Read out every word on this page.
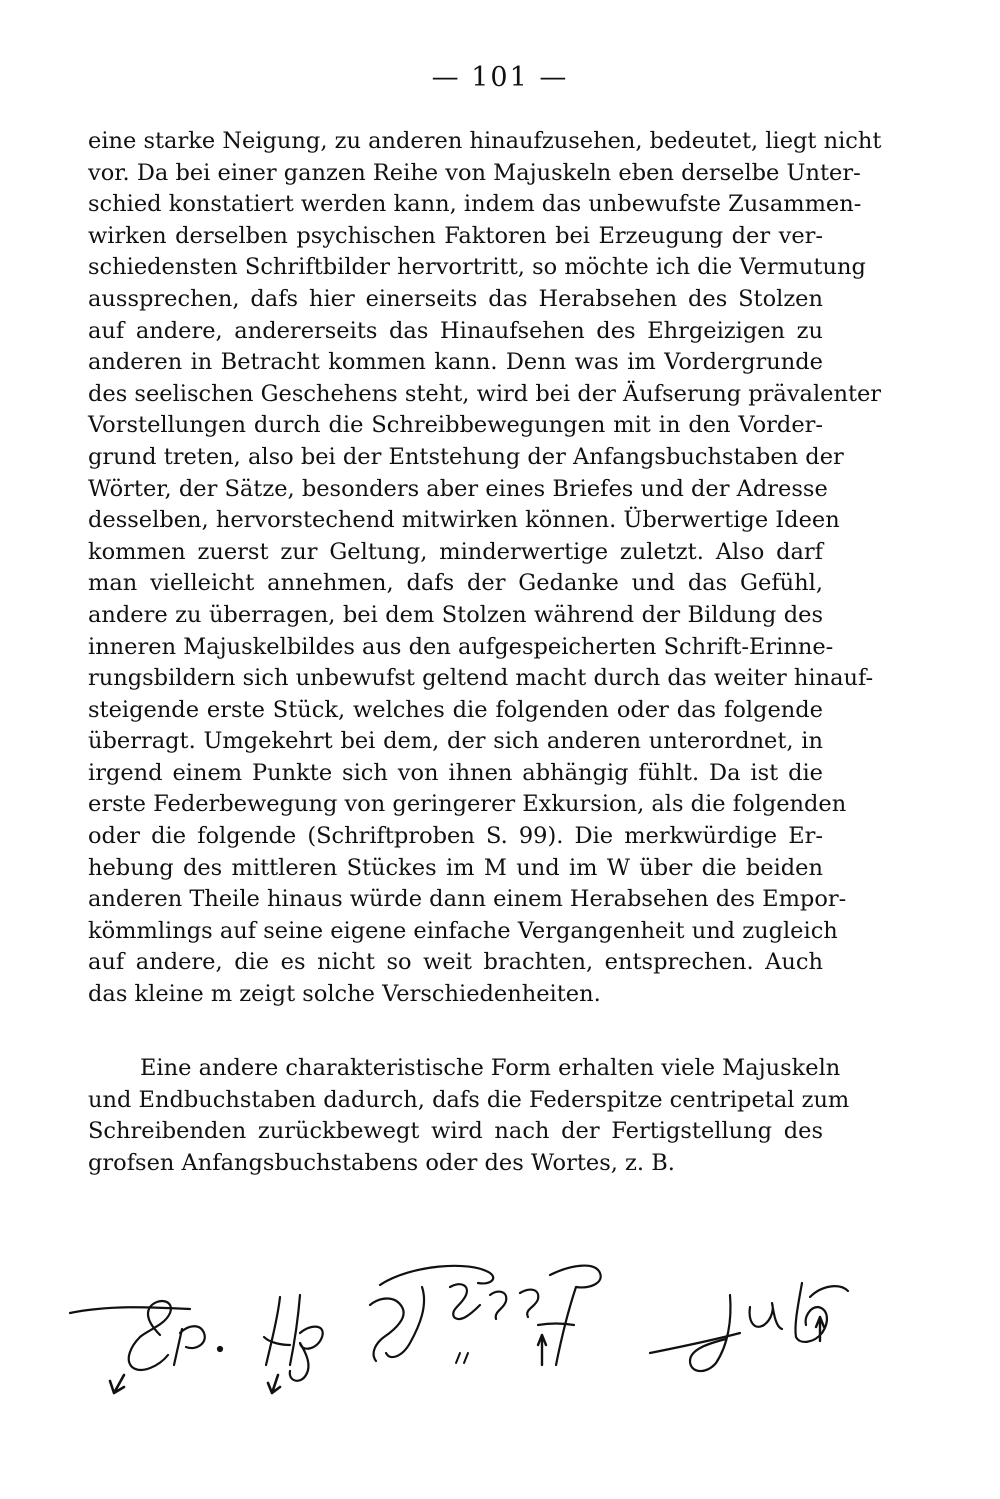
— 101 —
eine starke Neigung, zu anderen hinaufzusehen, bedeutet, liegt nicht
vor. Da bei einer ganzen Reihe von Majuskeln eben derselbe Unter-
schied konstatiert werden kann, indem das unbewufste Zusammen-
wirken derselben psychischen Faktoren bei Erzeugung der ver-
schiedensten Schriftbilder hervortritt, so möchte ich die Vermutung
aussprechen, dafs hier einerseits das Herabsehen des Stolzen
auf andere, andererseits das Hinaufsehen des Ehrgeizigen zu
anderen in Betracht kommen kann. Denn was im Vordergrunde
des seelischen Geschehens steht, wird bei der Äufserung prävalenter
Vorstellungen durch die Schreibbewegungen mit in den Vorder-
grund treten, also bei der Entstehung der Anfangsbuchstaben der
Wörter, der Sätze, besonders aber eines Briefes und der Adresse
desselben, hervorstechend mitwirken können. Überwertige Ideen
kommen zuerst zur Geltung, minderwertige zuletzt. Also darf
man vielleicht annehmen, dafs der Gedanke und das Gefühl,
andere zu überragen, bei dem Stolzen während der Bildung des
inneren Majuskelbildes aus den aufgespeicherten Schrift-Erinne-
rungsbildern sich unbewufst geltend macht durch das weiter hinauf-
steigende erste Stück, welches die folgenden oder das folgende
überragt. Umgekehrt bei dem, der sich anderen unterordnet, in
irgend einem Punkte sich von ihnen abhängig fühlt. Da ist die
erste Federbewegung von geringerer Exkursion, als die folgenden
oder die folgende (Schriftproben S. 99). Die merkwürdige Er-
hebung des mittleren Stückes im M und im W über die beiden
anderen Theile hinaus würde dann einem Herabsehen des Empor-
kömmlings auf seine eigene einfache Vergangenheit und zugleich
auf andere, die es nicht so weit brachten, entsprechen. Auch
das kleine m zeigt solche Verschiedenheiten.
Eine andere charakteristische Form erhalten viele Majuskeln
und Endbuchstaben dadurch, dafs die Federspitze centripetal zum
Schreibenden zurückbewegt wird nach der Fertigstellung des
grofsen Anfangsbuchstabens oder des Wortes, z. B.
